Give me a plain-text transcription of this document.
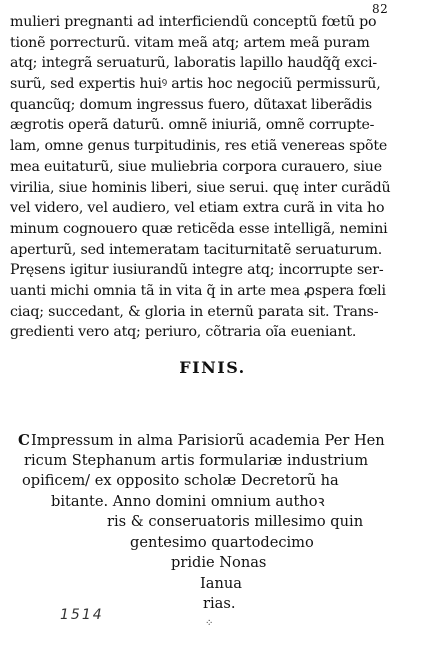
82
mulieri pregnanti ad interficiendũ conceptũ fœtũ po
tionẽ porrecturũ. vitam meã atq; artem meã puram
atq; integrã seruaturũ, laboratis lapillo haudq̃q̃ exci-
surũ, sed expertis huiꝰ artis hoc negociũ permissurũ,
quancũq; domum ingressus fuero, dũtaxat liberãdis
ægrotis operã daturũ. omnẽ iniuriã, omnẽ corrupte-
lam, omne genus turpitudinis, res etiã venereas spõte
mea euitaturũ, siue muliebria corpora curauero, siue
virilia, siue hominis liberi, siue serui. quę inter curãdũ
vel videro, vel audiero, vel etiam extra curã in vita ho
minum cognouero quæ reticẽda esse intelligã, nemini
aperturũ, sed intemeratam taciturnitatẽ seruaturum.
Pręsens igitur iusiurandũ integre atq; incorrupte ser-
uanti michi omnia tã in vita q̃ in arte mea ꝓspera fœli
ciaq; succedant, & gloria in eternũ parata sit. Trans-
gredienti vero atq; periuro, cõtraria oĩa eueniant.
FINIS.
C Impressum in alma Parisiorũ academia Per Hen
ricum Stephanum artis formulariæ industrium
opificem/ ex opposito scholæ Decretorũ ha
bitante. Anno domini omnium authoꝛ
ris & conseruatoris millesimo quin
gentesimo quartodecimo
pridie Nonas
Ianua
rias.
1514
⁘
